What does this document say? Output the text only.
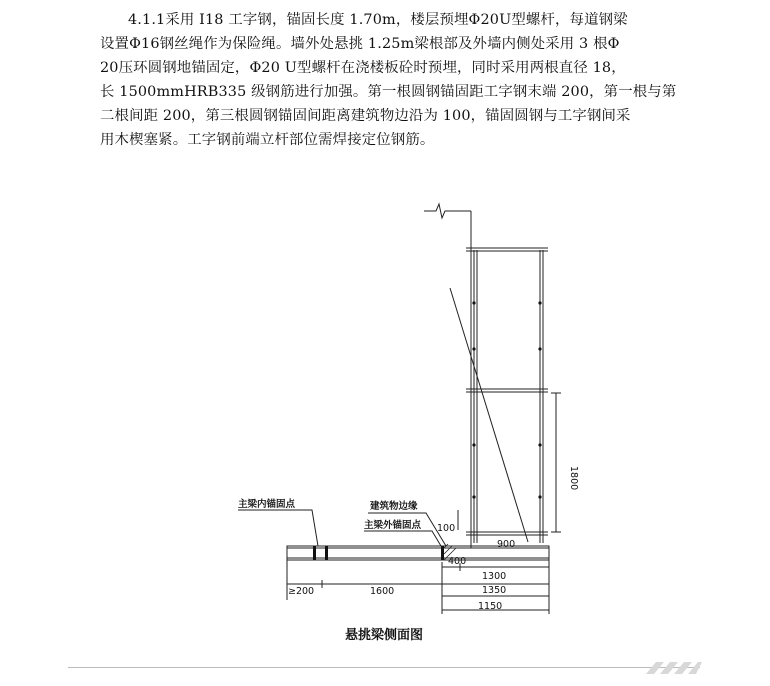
4.1.1采用 I18 工字钢，锚固长度 1.70m，楼层预埋Φ20U型螺杆，每道钢梁
设置Φ16钢丝绳作为保险绳。墙外处悬挑 1.25m梁根部及外墙内侧处采用 3 根Φ
20压环圆钢地锚固定，Φ20 U型螺杆在浇楼板砼时预埋，同时采用两根直径 18，
长 1500mmHRB335 级钢筋进行加强。第一根圆钢锚固距工字钢末端 200，第一根与第
二根间距 200，第三根圆钢锚固间距离建筑物边沿为 100，锚固圆钢与工字钢间采
用木楔塞紧。工字钢前端立杆部位需焊接定位钢筋。
主梁内锚固点	建筑物边缘
主梁外锚固点 100
400
900
1800
≥200	1600
1300
1350
1150
悬挑梁侧面图
